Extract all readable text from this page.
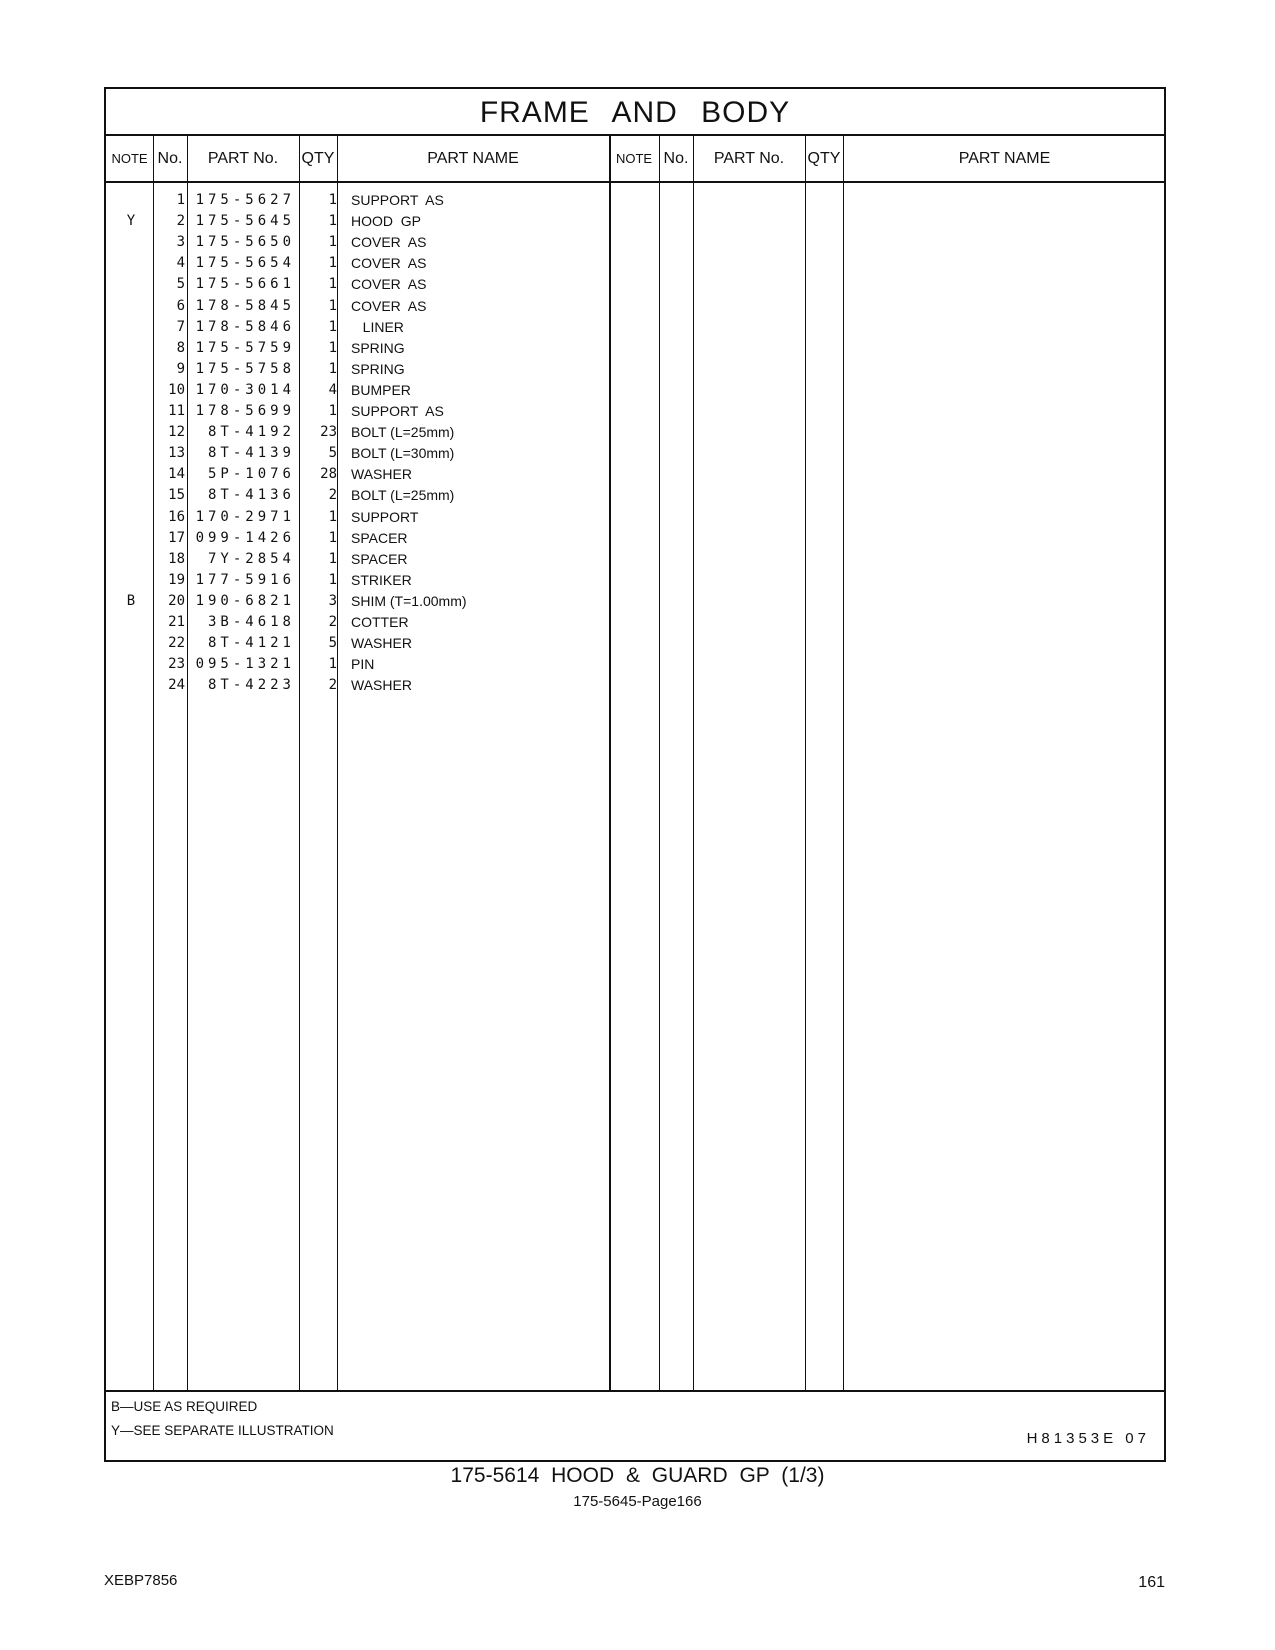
FRAME AND BODY
NOTE No.	PART No.	QTY	PART NAME	NOTE No.	PART No.	QTY	PART NAME
1 175-5627	1 SUPPORT  AS
Y	2 175-5645	1 HOOD  GP
3 175-5650	1 COVER  AS
4 175-5654	1 COVER  AS
5 175-5661	1 COVER  AS
6 178-5845	1 COVER  AS
7 178-5846	1 LINER
8 175-5759	1 SPRING
9 175-5758	1 SPRING
10 170-3014	4 BUMPER
11 178-5699	1 SUPPORT  AS
12	8T-4192	23 BOLT (L=25mm)
13	8T-4139	5 BOLT (L=30mm)
14	5P-1076	28 WASHER
15	8T-4136	2 BOLT (L=25mm)
16 170-2971	1 SUPPORT
17 099-1426	1 SPACER
18	7Y-2854	1 SPACER
19 177-5916	1 STRIKER
B	20 190-6821	3 SHIM (T=1.00mm)
21	3B-4618	2 COTTER
22	8T-4121	5 WASHER
23 095-1321	1 PIN
24	8T-4223	2 WASHER
B—USE AS REQUIRED
Y—SEE SEPARATE ILLUSTRATION	H81353E 07
175-5614 HOOD & GUARD GP (1/3)
175-5645-Page166
XEBP7856	161
